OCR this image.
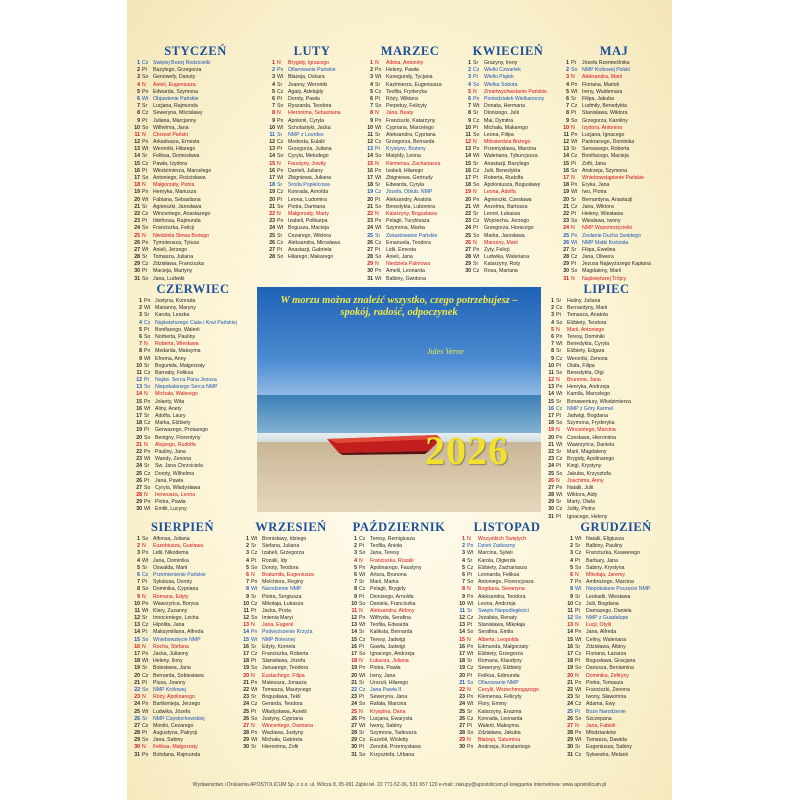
STYCZEŃ
1 Cz Świętej Bożej Rodzicielki
2 Pt	Bazylego, Grzegorza
3 So Genowefy, Danuty
4 N	Anieli, Eugeniusza
5 Pn Edwarda, Szymona
6 Wt Objawienie Pańskie
7 Śr	Lucjana, Rajmunda
8 Cz Seweryna, Mścisławy
9 Pt	Juliana, Marcjanny
10 So Wilhelma, Jana
11 N	Chrzest Pański
12 Pn Arkadiusza, Ernesta
13 Wt Weroniki, Hilarego
14 Śr	Feliksa, Domosława
15 Cz Pawła, Izydora
16 Pt	Włodzimierza, Marcelego
17 So Antoniego, Rościsława
18 N	Małgorzaty, Piotra
19 Pn Henryka, Mariusza
20 Wt Fabiana, Sebastiana
21 Śr	Agnieszki, Jarosława
22 Cz Wincentego, Anastazego
23 Pt	Ildefonsa, Rajmunda
24 So Franciszka, Felicji
25 N	Niedziela Słowa Bożego
26 Pn Tymoteusza, Tytusa
27 Wt Anieli, Jerzego
28 Śr	Tomasza, Juliana
29 Cz Zdzisława, Franciszka
30 Pt	Macieja, Martyny
31 So Jana, Ludwiki
LUTY
1 N	Brygidy, Ignacego
2 Pn Ofiarowanie Pańskie
3 Wt Błażeja, Oskara
4 Śr	Joanny, Weroniki
5 Cz Agaty, Adelajdy
6 Pt	Doroty, Pawła
7 So Ryszarda, Teodora
8 N	Hieronima, Sebastiana
9 Pn Apolonii, Cyryla
10 Wt Scholastyki, Jacka
11 Śr	NMP z Lourdes
12 Cz Modesta, Eulalii
13 Pt	Grzegorza, Juliana
14 So Cyryla, Metodego
15 N	Faustyny, Jowity
16 Pn Danieli, Juliany
17 Wt Zbigniewa, Juliana
18 Śr	Środa Popielcowa
19 Cz Konrada, Arnolda
20 Pt	Leona, Ludomira
21 So Piotra, Damiana
22 N	Małgorzaty, Marty
23 Pn Izabeli, Polikarpa
24 Wt Bogusza, Macieja
25 Śr	Cezarego, Wiktora
26 Cz Aleksandra, Mirosława
27 Pt	Anastazji, Gabriela
28 So Hilarego, Makarego
MARZEC
1 N	Albina, Antoniny
2 Pn Heleny, Pawła
3 Wt Kunegundy, Tycjana
4 Śr	Kazimierza, Eugeniusza
5 Cz Teofila, Fryderyka
6 Pt	Róży, Wiktora
7 So Perpetuy, Felicyty
8 N	Jana, Beaty
9 Pn Franciszki, Katarzyny
10 Wt Cypriana, Marcelego
11 Śr	Aleksandra, Cypriana
12 Cz Grzegorza, Bernarda
13 Pt	Krystyny, Bożeny
14 So Matyldy, Leona
15 N	Klemensa, Zachariasza
16 Pn Izabeli, Hilarego
17 Wt Zbigniewa, Gertrudy
18 Śr	Edwarda, Cyryla
19 Cz Józefa, Oblub. NMP
20 Pt	Aleksandry, Anatola
21 So Benedykta, Lubomira
22 N	Katarzyny, Bogusława
23 Pn Pelagii, Turybiusza
24 Wt Szymona, Marka
25 Śr	Zwiastowanie Pańskie
26 Cz Emanuela, Teodora
27 Pt	Lidii, Ernesta
28 So Anieli, Jana
29 N	Niedziela Palmowa
30 Pn Amelii, Leonarda
31 Wt Balbiny, Gwidona
KWIECIEŃ
1 Śr	Grażyny, Ireny
2 Cz Wielki Czwartek
3 Pt	Wielki Piątek
4 So Wielka Sobota
5 N	Zmartwychwstanie Pańskie
6 Pn Poniedziałek Wielkanocny
7 Wt Donata, Hermana
8 Śr	Dionizego, Julii
9 Cz Mai, Dymitra
10 Pt	Michała, Makarego
11 So Leona, Filipa
12 N	Miłosierdzia Bożego
13 Pn Przemysława, Marcina
14 Wt Waleriana, Tyburcjusza
15 Śr	Anastazji, Bazylego
16 Cz Julii, Benedykta
17 Pt	Roberta, Rudolfa
18 So Apoloniusza, Bogusławy
19 N	Leona, Adolfa
20 Pn Agnieszki, Czesława
21 Wt Anzelma, Bartosza
22 Śr	Leonii, Łukasza
23 Cz Wojciecha, Jerzego
24 Pt	Grzegorza, Horacego
25 So Marka, Jarosława
26 N	Marzeny, Marii
27 Pn Zyty, Felicji
28 Wt Ludwika, Waleriana
29 Śr	Katarzyny, Roty
30 Cz Rosa, Mariana
MAJ
1 Pt	Józefa Rzemieślnika
2 So NMP Królowej Polski
3 N	Aleksandra, Marii
4 Pn Floriana, Marioli
5 Wt Ireny, Waldemara
6 Śr	Filipa, Jakuba
7 Cz Ludmiły, Benedykta
8 Pt	Stanisława, Wiktora
9 So Grzegorza, Karoliny
10 N	Izydora, Antonina
11 Pn Lucjana, Ignacego
12 Wt Pankracego, Dominika
13 Śr	Serwacego, Roberta
14 Cz Bonifacego, Macieja
15 Pt	Zofii, Jana
16 So Andrzeja, Szymona
17 N	Wniebowstąpienie Pańskie
18 Pn Eryka, Jana
19 Wt Iwo, Piotra
20 Śr	Bernardyna, Anastazji
21 Cz Jana, Wiktora
22 Pt	Heleny, Wiesława
23 So Wiesława, Iwony
24 N	NMP Wspomożycielki
25 Pn Zesłanie Ducha Świętego
26 Wt NMP Matki Kościoła
27 Śr	Filipa, Ewelina
28 Cz Jana, Oliwera
29 Pt	Jezusa Najwyższego Kapłana
30 So Magdaleny, Marii
31 N	Najświętszej Trójcy
CZERWIEC
1 Pn Justyna, Konrada
2 Wt Marianny, Maryny
3 Śr	Karola, Leszka
4 Cz Najświętszego Ciała i Krwi Pańskiej
5 Pt	Bonifacego, Walerii
6 So Norberta, Pauliny
7 N	Roberta, Wiesława
8 Pn Medarda, Maksyma
9 Wt Efrema, Anny
10 Śr	Bogumiła, Małgorzaty
11 Cz Barnaby, Feliksa
12 Pt	Najśw. Serca Pana Jezusa
13 So Niepokalanego Serca NMP
14 N	Michała, Walerego
15 Pn Jolanty, Wita
16 Wt Aliny, Anety
17 Śr	Adolfa, Laury
18 Cz Marka, Elżbiety
19 Pt	Gerwazego, Protazego
20 So Benigny, Florentyny
21 N	Alojzego, Rudolfa
22 Pn Pauliny, Jana
23 Wt Wandy, Zenona
24 Śr	Św. Jana Chrzciciela
25 Cz Doroty, Wilhelma
26 Pt	Jana, Pawła
27 So Cyryla, Władysława
28 N	Ireneusza, Leona
29 Pn Piotra, Pawła
30 Wt Emilii, Lucyny
LIPIEC
1 Śr	Haliny, Juliana
2 Cz Bernardyny, Marii
3 Pt	Tomasza, Anatola
4 So Elżbiety, Teodora
5 N	Marii, Antoniego
6 Pn Teresy, Dominiki
7 Wt Benedykta, Cyryla
8 Śr	Elżbiety, Edgara
9 Cz Weroniki, Zenona
10 Pt	Olafa, Filipa
11 So Benedykta, Olgi
12 N	Brunona, Jana
13 Pn Henryka, Andrzeja
14 Wt Kamila, Marcelego
15 Śr	Bonawentury, Włodzimierza
16 Cz NMP z Góry Karmel
17 Pt	Jadwigi, Bogdana
18 So Szymona, Fryderyka
19 N	Wincentego, Marcina
20 Pn Czesława, Hieronima
21 Wt Wawrzyńca, Daniela
22 Śr	Marii, Magdaleny
23 Cz Brygidy, Apolinarego
24 Pt	Kingi, Krystyny
25 So Jakuba, Krzysztofa
26 N	Joachima, Anny
27 Pn Natalii, Julii
28 Wt Wiktora, Aidy
29 Śr	Marty, Olafa
30 Cz Julity, Piotra
31 Pt	Ignacego, Heleny
SIERPIEŃ
1 So Alfonsa, Juliana
2 N	Euzebiusza, Gustawa
3 Pn Lidii, Nikodema
4 Wt Jana, Dominika
5 Śr	Oswalda, Marii
6 Cz Przemienienie Pańskie
7 Pt	Sykstusa, Doroty
8 So Dominika, Cypriana
9 N	Romana, Edyty
10 Pn Wawrzyńca, Borysa
11 Wt Klary, Zuzanny
12 Śr	Innocentego, Lecha
13 Cz Hipolita, Jana
14 Pt	Maksymiliana, Alfreda
15 So Wniebowzięcie NMP
16 N	Rocha, Stefana
17 Pn Jacka, Julianny
18 Wt Heleny, Ilony
19 Śr	Bolesława, Jana
20 Cz Bernarda, Sobiesława
21 Pt	Piusa, Joanny
22 So NMP Królowej
23 N	Róży, Apolinarego
24 Pn Bartłomieja, Jerzego
25 Wt Ludwika, Józefa
26 Śr	NMP Częstochowskiej
27 Cz Moniki, Cezarego
28 Pt	Augustyna, Patrycji
29 So Jana, Sabiny
30 N	Feliksa, Małgorzaty
31 Pn Bohdana, Rajmunda
WRZESIEŃ
1 Wt Bronisławy, Idziego
2 Śr	Stefana, Juliana
3 Cz Izabeli, Grzegorza
4 Pt	Rozalii, Idy
5 So Doroty, Teodora
6 N	Bratumiła, Eugeniusza
7 Pn Melchiora, Reginy
8 Wt Narodzenie NMP
9 Śr	Piotra, Sergiusza
10 Cz Mikołaja, Łukasza
11 Pt	Jacka, Prota
12 So Imienia Maryi
13 N	Jana, Eugenii
14 Pn Podwyższenie Krzyża
15 Wt NMP Bolesnej
16 Śr	Edyty, Kornela
17 Cz Franciszka, Roberta
18 Pt	Stanisława, Józefa
19 So Januarego, Teodora
20 N	Eustachego, Filipa
21 Pn Mateusza, Jonasza
22 Wt Tomasza, Maurycego
23 Śr	Bogusława, Tekli
24 Cz Gerarda, Teodora
25 Pt	Władysława, Aurelii
26 So Justyny, Cypriana
27 N	Wincentego, Damiana
28 Pn Wacława, Justyny
29 Wt Michała, Gabriela
30 Śr	Hieronima, Zofii
PAŹDZIERNIK
1 Cz Teresy, Remigiusza
2 Pt	Teofila, Anioła
3 So Jana, Teresy
4 N	Franciszka, Rozalii
5 Pn Apolinarego, Faustyny
6 Wt Artura, Brunona
7 Śr	Marii, Marka
8 Cz Pelagii, Brygidy
9 Pt	Dionizego, Arnolda
10 So Daniela, Franciszka
11 N	Aleksandra, Aldony
12 Pn Wilfryda, Serafina
13 Wt Teofila, Edwarda
14 Śr	Kaliksta, Bernarda
15 Cz Teresy, Jadwigi
16 Pt	Gawła, Jadwigi
17 So Ignacego, Andrzeja
18 N	Łukasza, Juliana
19 Pn Piotra, Pawła
20 Wt Ireny, Jana
21 Śr	Urszuli, Hilarego
22 Cz Jana Pawła II
23 Pt	Seweryna, Jana
24 So Rafała, Marcina
25 N	Kryspina, Daria
26 Pn Lucjana, Ewarysta
27 Wt Iwony, Sabiny
28 Śr	Szymona, Tadeusza
29 Cz Euzebii, Wioletty
30 Pt	Zenobii, Przemysława
31 So Krzysztofa, Urbana
LISTOPAD
1 N	Wszystkich Świętych
2 Pn Dzień Zaduszny
3 Wt Marcina, Sylwii
4 Śr	Karola, Olgierda
5 Cz Elżbiety, Zachariasza
6 Pt	Leonarda, Feliksa
7 So Antoniego, Florencjusza
8 N	Bogdana, Seweryna
9 Pn Aleksandra, Teodora
10 Wt Leona, Andrzeja
11 Śr	Święto Niepodległości
12 Cz Jozafata, Renaty
13 Pt	Stanisława, Mikołaja
14 So Serafina, Emila
15 N	Alberta, Leopolda
16 Pn Edmunda, Małgorzaty
17 Wt Elżbiety, Grzegorza
18 Śr	Romana, Klaudyny
19 Cz Seweryny, Elżbiety
20 Pt	Feliksa, Edmunda
21 So Ofiarowanie NMP
22 N	Cecylii, Wszechmogącego
23 Pn Klemensa, Felicyty
24 Wt Flory, Emmy
25 Śr	Katarzyny, Erazma
26 Cz Konrada, Leonarda
27 Pt	Walerii, Maksyma
28 So Zdzisława, Jakuba
29 N	Błażeja, Saturnina
30 Pn Andrzeja, Konstantego
GRUDZIEŃ
1 Wt Natalii, Eligiusza
2 Śr	Balbiny, Pauliny
3 Cz Franciszka, Ksawerego
4 Pt	Barbary, Jana
5 So Sabiny, Krystyna
6 N	Mikołaja, Jaremy
7 Pn Ambrożego, Marcina
8 Wt Niepokalane Poczęcie NMP
9 Śr	Leokadii, Wiesława
10 Cz Julii, Bogdana
11 Pt	Damazego, Daniela
12 So NMP z Guadalupe
13 N	Łucji, Otylii
14 Pn Jana, Alfreda
15 Wt Celiny, Waleriana
16 Śr	Zdzisława, Albiny
17 Cz Floriana, Łazarza
18 Pt	Bogusława, Gracjana
19 So Dariusza, Beniamina
20 N	Dominika, Zefiryny
21 Pn Piotra, Tomasza
22 Wt Franciszki, Zenona
23 Śr	Iwony, Sławomira
24 Cz Adama, Ewy
25 Pt	Boże Narodzenie
26 So Szczepana
27 N	Jana, Fabioli
28 Pn Młodzianków
29 Wt Tomasza, Dawida
30 Śr	Eugeniusza, Sabiny
31 Cz Sylwestra, Melanii
W morzu można znaleźć wszystko, czego potrzebujesz – spokój, radość, odpoczynek
Jules Verne
2026
Wydawnictwo i Drukarnia APOSTOLICUM Sp. z o.o. ul. Wilcza 8, 05-091 Ząbki tel. 22 771-52-36, 531 657 120 e-mail: zakupy@apostolicum.pl księgarnia internetowa: www.apostolicum.pl
